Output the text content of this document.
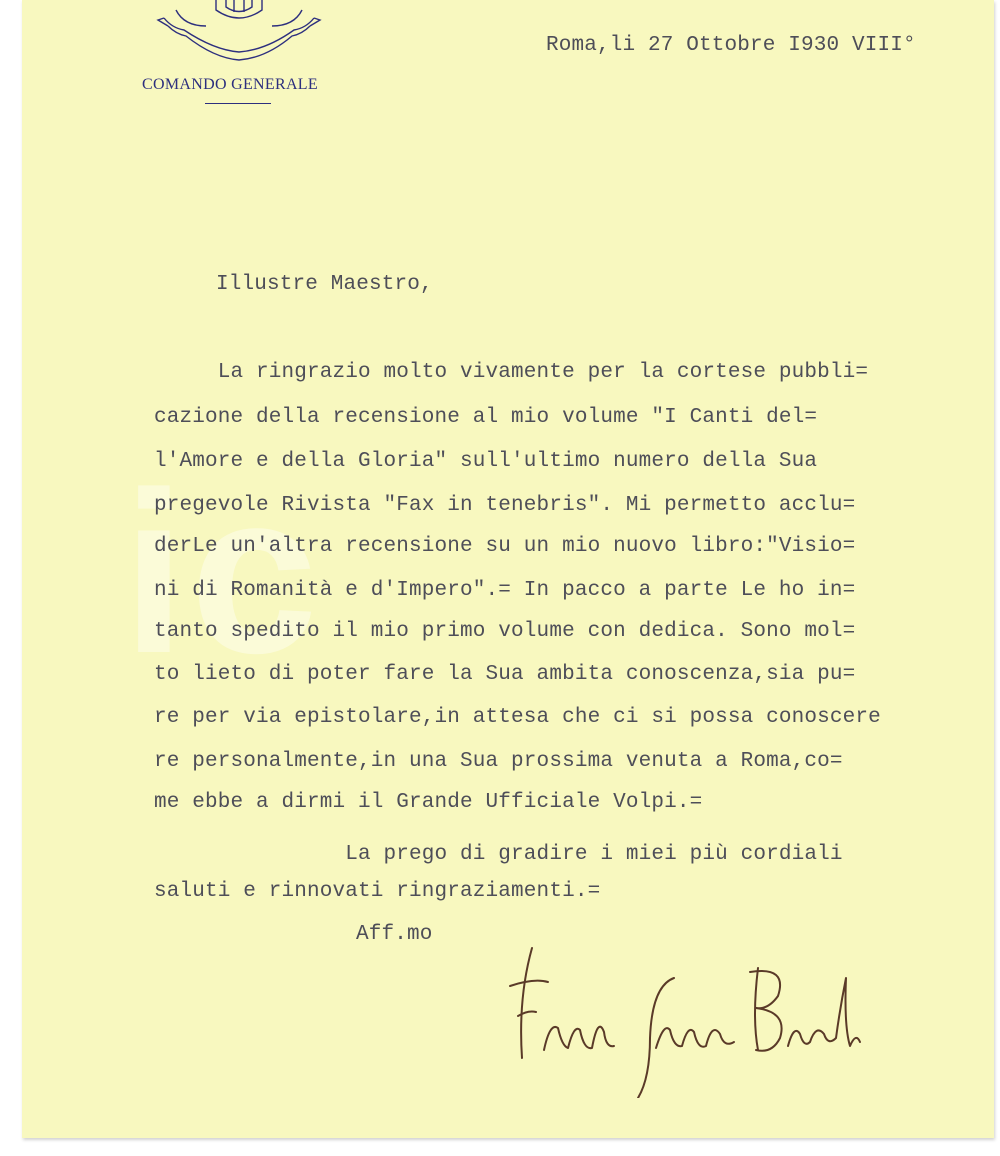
ic
COMANDO GENERALE
Roma,li 27 Ottobre I930 VIII°
Illustre Maestro,
La ringrazio molto vivamente per la cortese pubbli=
cazione della recensione al mio volume "I Canti del=
l'Amore e della Gloria" sull'ultimo numero della Sua
pregevole Rivista "Fax in tenebris". Mi permetto acclu=
derLe un'altra recensione su un mio nuovo libro:"Visio=
ni di Romanità e d'Impero".= In pacco a parte Le ho in=
tanto spedito il mio primo volume con dedica. Sono mol=
to lieto di poter fare la Sua ambita conoscenza,sia pu=
re per via epistolare,in attesa che ci si possa conoscere
re personalmente,in una Sua prossima venuta a Roma,co=
me ebbe a dirmi il Grande Ufficiale Volpi.=
La prego di gradire i miei più cordiali
saluti e rinnovati ringraziamenti.=
Aff.mo
